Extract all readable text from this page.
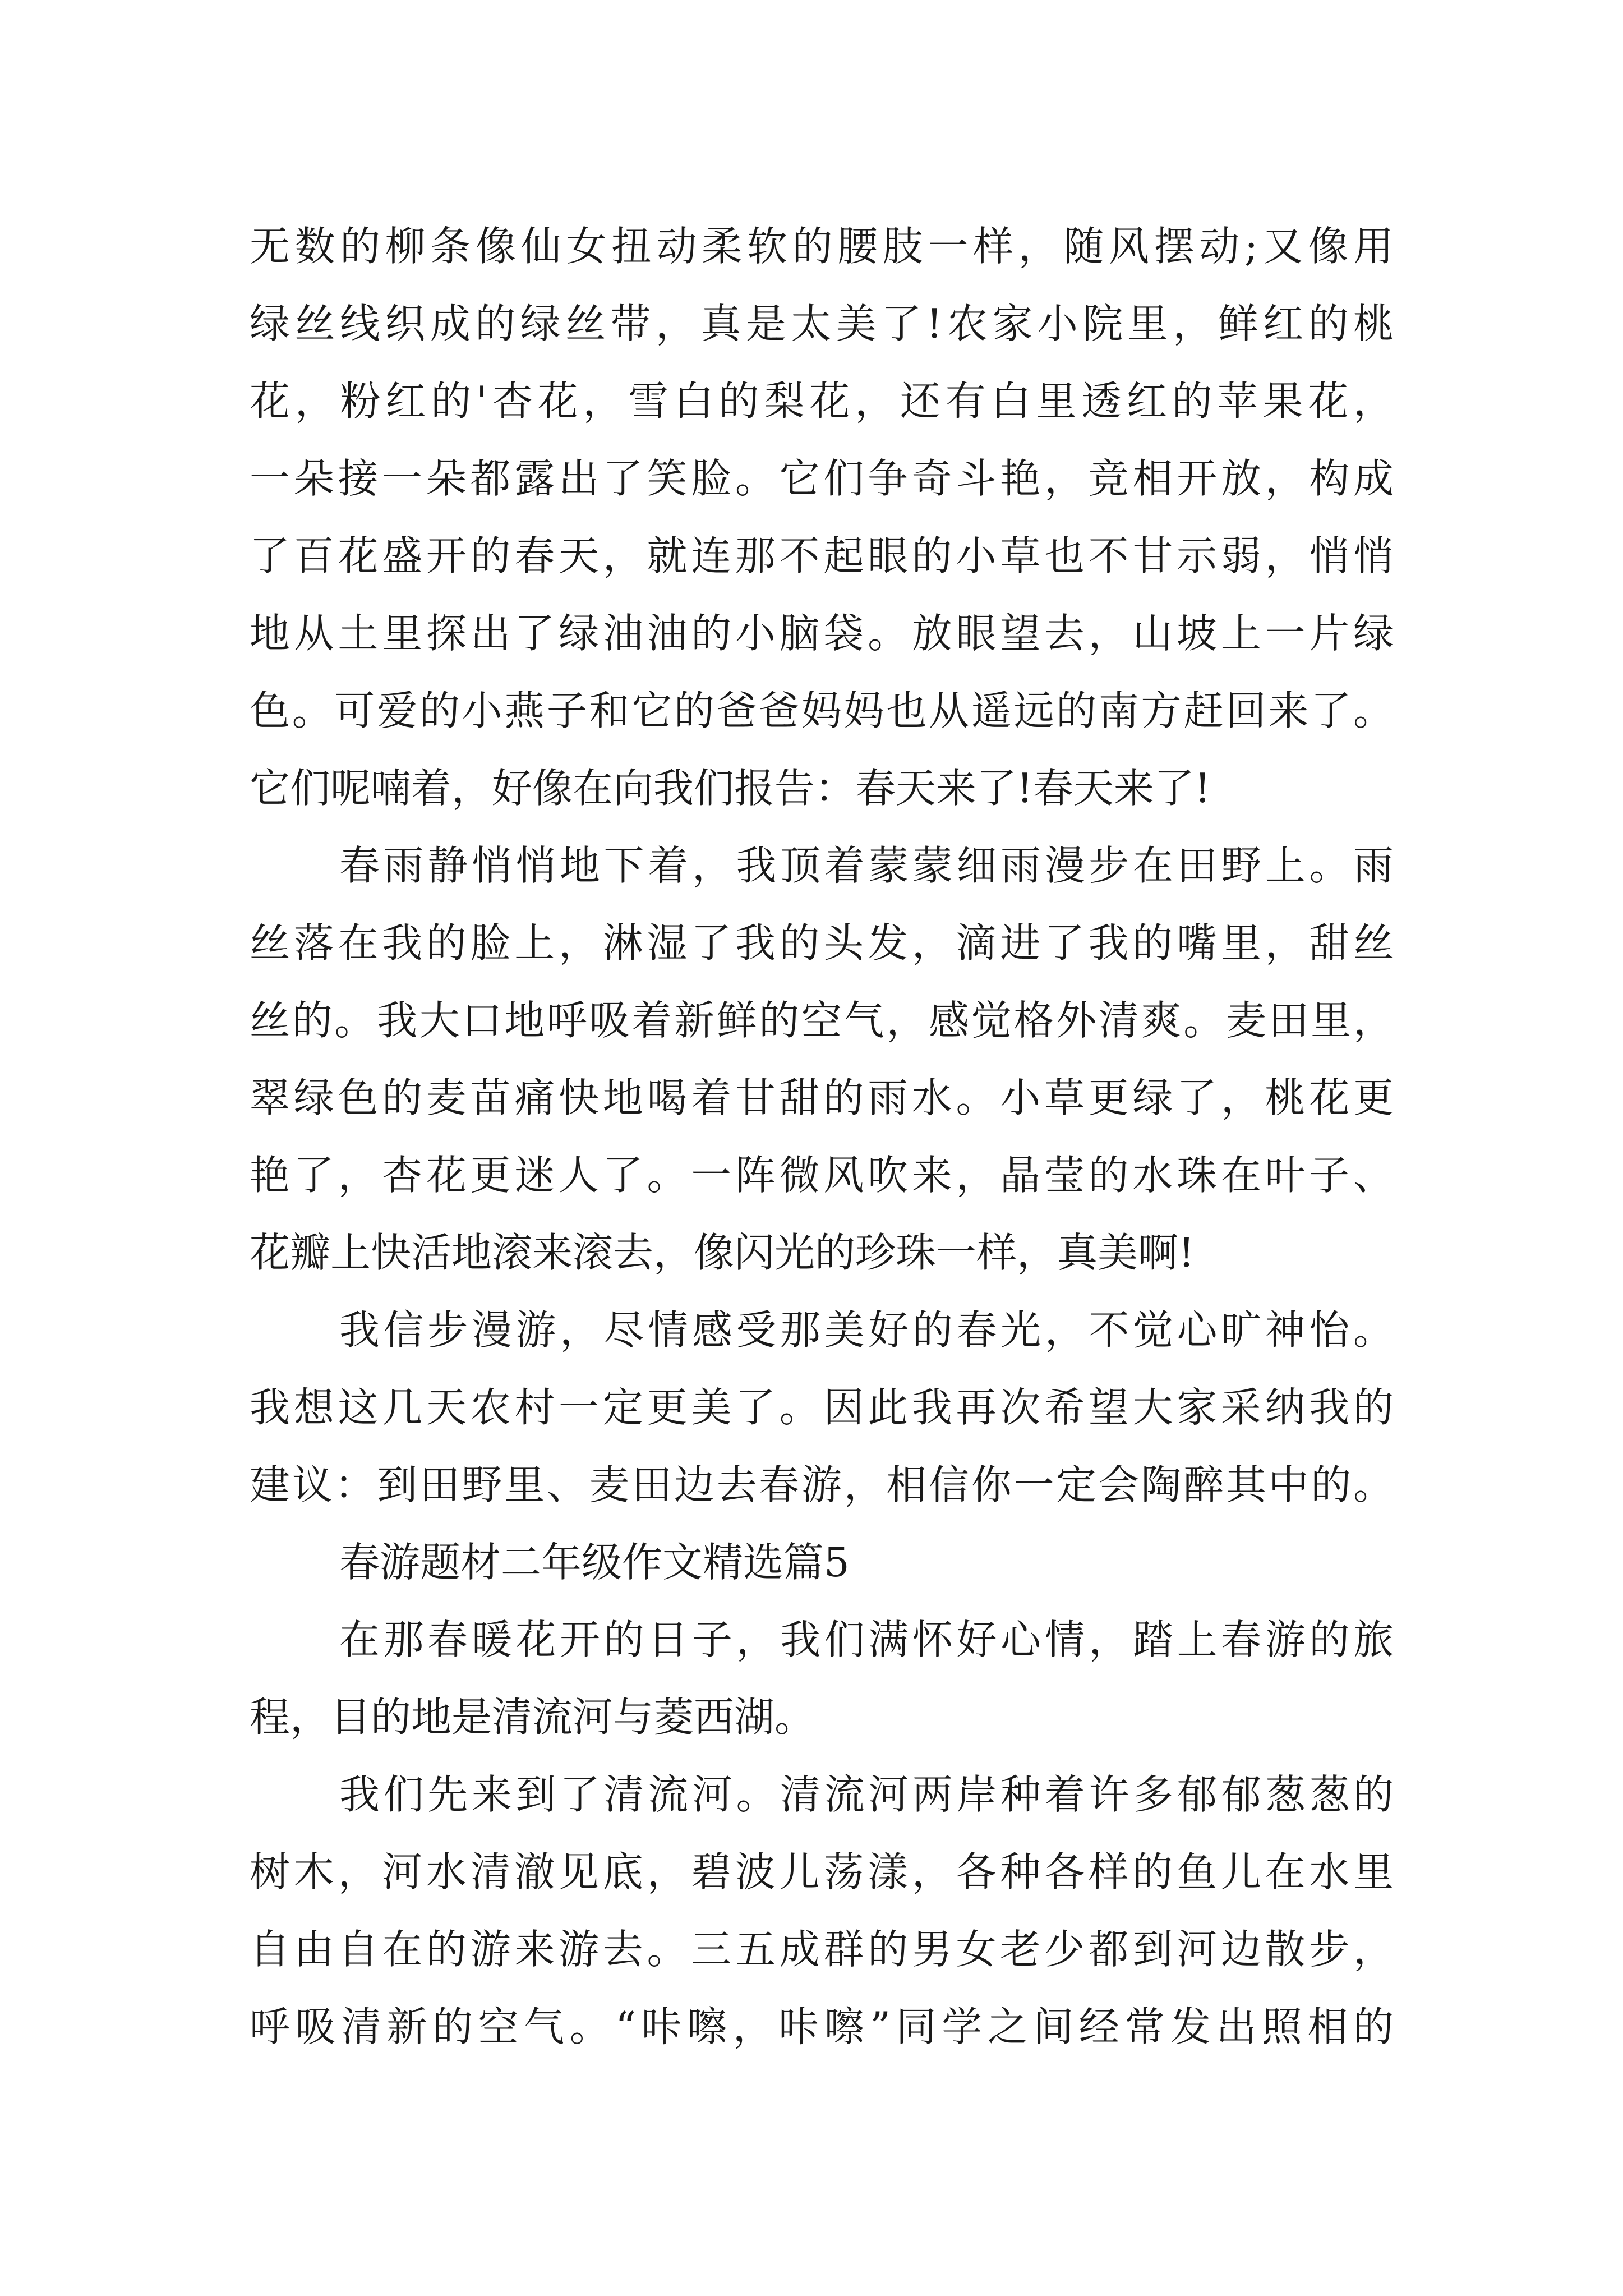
无数的柳条像仙女扭动柔软的腰肢一样，随风摆动;又像用
绿丝线织成的绿丝带，真是太美了!农家小院里，鲜红的桃
花，粉红的'杏花，雪白的梨花，还有白里透红的苹果花，
一朵接一朵都露出了笑脸。它们争奇斗艳，竞相开放，构成
了百花盛开的春天，就连那不起眼的小草也不甘示弱，悄悄
地从土里探出了绿油油的小脑袋。放眼望去，山坡上一片绿
色。可爱的小燕子和它的爸爸妈妈也从遥远的南方赶回来了。
它们呢喃着，好像在向我们报告：春天来了!春天来了!
春雨静悄悄地下着，我顶着蒙蒙细雨漫步在田野上。雨
丝落在我的脸上，淋湿了我的头发，滴进了我的嘴里，甜丝
丝的。我大口地呼吸着新鲜的空气，感觉格外清爽。麦田里，
翠绿色的麦苗痛快地喝着甘甜的雨水。小草更绿了，桃花更
艳了，杏花更迷人了。一阵微风吹来，晶莹的水珠在叶子、
花瓣上快活地滚来滚去，像闪光的珍珠一样，真美啊!
我信步漫游，尽情感受那美好的春光，不觉心旷神怡。
我想这几天农村一定更美了。因此我再次希望大家采纳我的
建议：到田野里、麦田边去春游，相信你一定会陶醉其中的。
春游题材二年级作文精选篇5
在那春暖花开的日子，我们满怀好心情，踏上春游的旅
程，目的地是清流河与菱西湖。
我们先来到了清流河。清流河两岸种着许多郁郁葱葱的
树木，河水清澈见底，碧波儿荡漾，各种各样的鱼儿在水里
自由自在的游来游去。三五成群的男女老少都到河边散步，
呼吸清新的空气。“咔嚓，咔嚓”同学之间经常发出照相的
